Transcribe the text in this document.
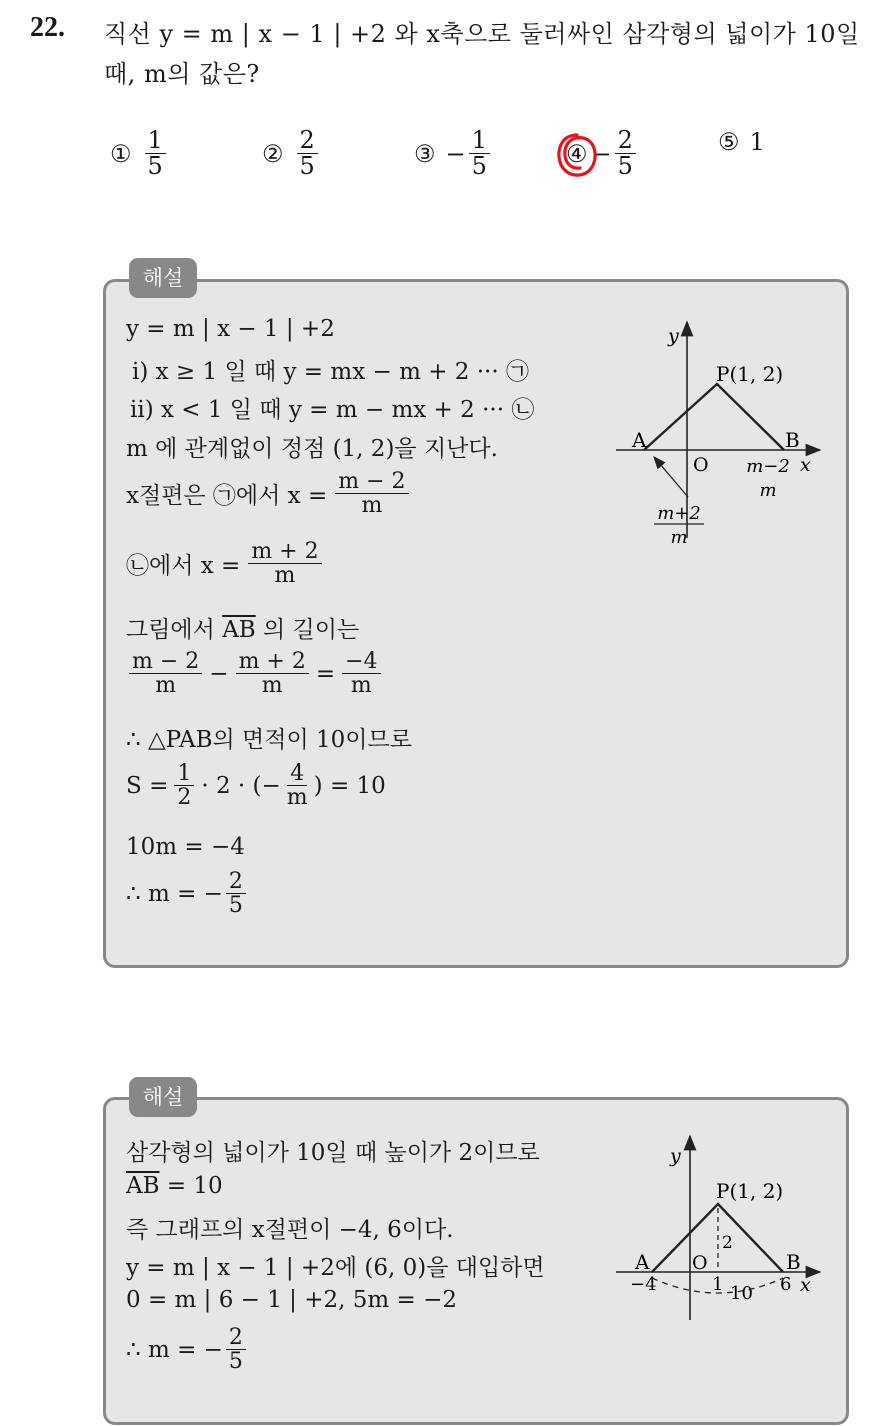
22. 직선 y = m | x − 1 | +2 와 x축으로 둘러싸인 삼각형의 넓이가 10일
때, m의 값은?
① $\frac{1}{5}$	② $\frac{2}{5}$	③ − $\frac{1}{5}$	④ − $\frac{2}{5}$	⑤ 1
해설
y = m | x − 1 | +2
ⅰ) x ≥ 1 일 때 y = mx − m + 2 ··· ㉠
ⅱ) x < 1 일 때 y = m − mx + 2 ··· ㉡
m 에 관계없이 정점 (1, 2)을 지난다.
x절편은 ㉠에서 $x = \frac{m - 2}{m}$
㉡에서 $x = \frac{m + 2}{m}$
그림에서 $\overline{AB}$ 의 길이는
$\frac{m - 2}{m} - \frac{m + 2}{m} = \frac{-4}{m}$
∴ △PAB의 면적이 10이므로
$S = \frac{1}{2} \cdot 2$ · (− $\frac{4}{m}$ ) = 10
10m = −4
∴ m = − $\frac{2}{5}$
y
P(1, 2)
A	B
O	x
m−2
m
m+2
m
해설
삼각형의 넓이가 10일 때 높이가 2이므로
$\overline{AB} = 10$
즉 그래프의 x절편이 −4, 6이다.
y = m | x − 1 | +2에 (6, 0)을 대입하면
0 = m | 6 − 1 | +2, 5m = −2
∴ m = − $\frac{2}{5}$
y
P(1, 2)
A	B
O
x
2
−4	1	6
10
